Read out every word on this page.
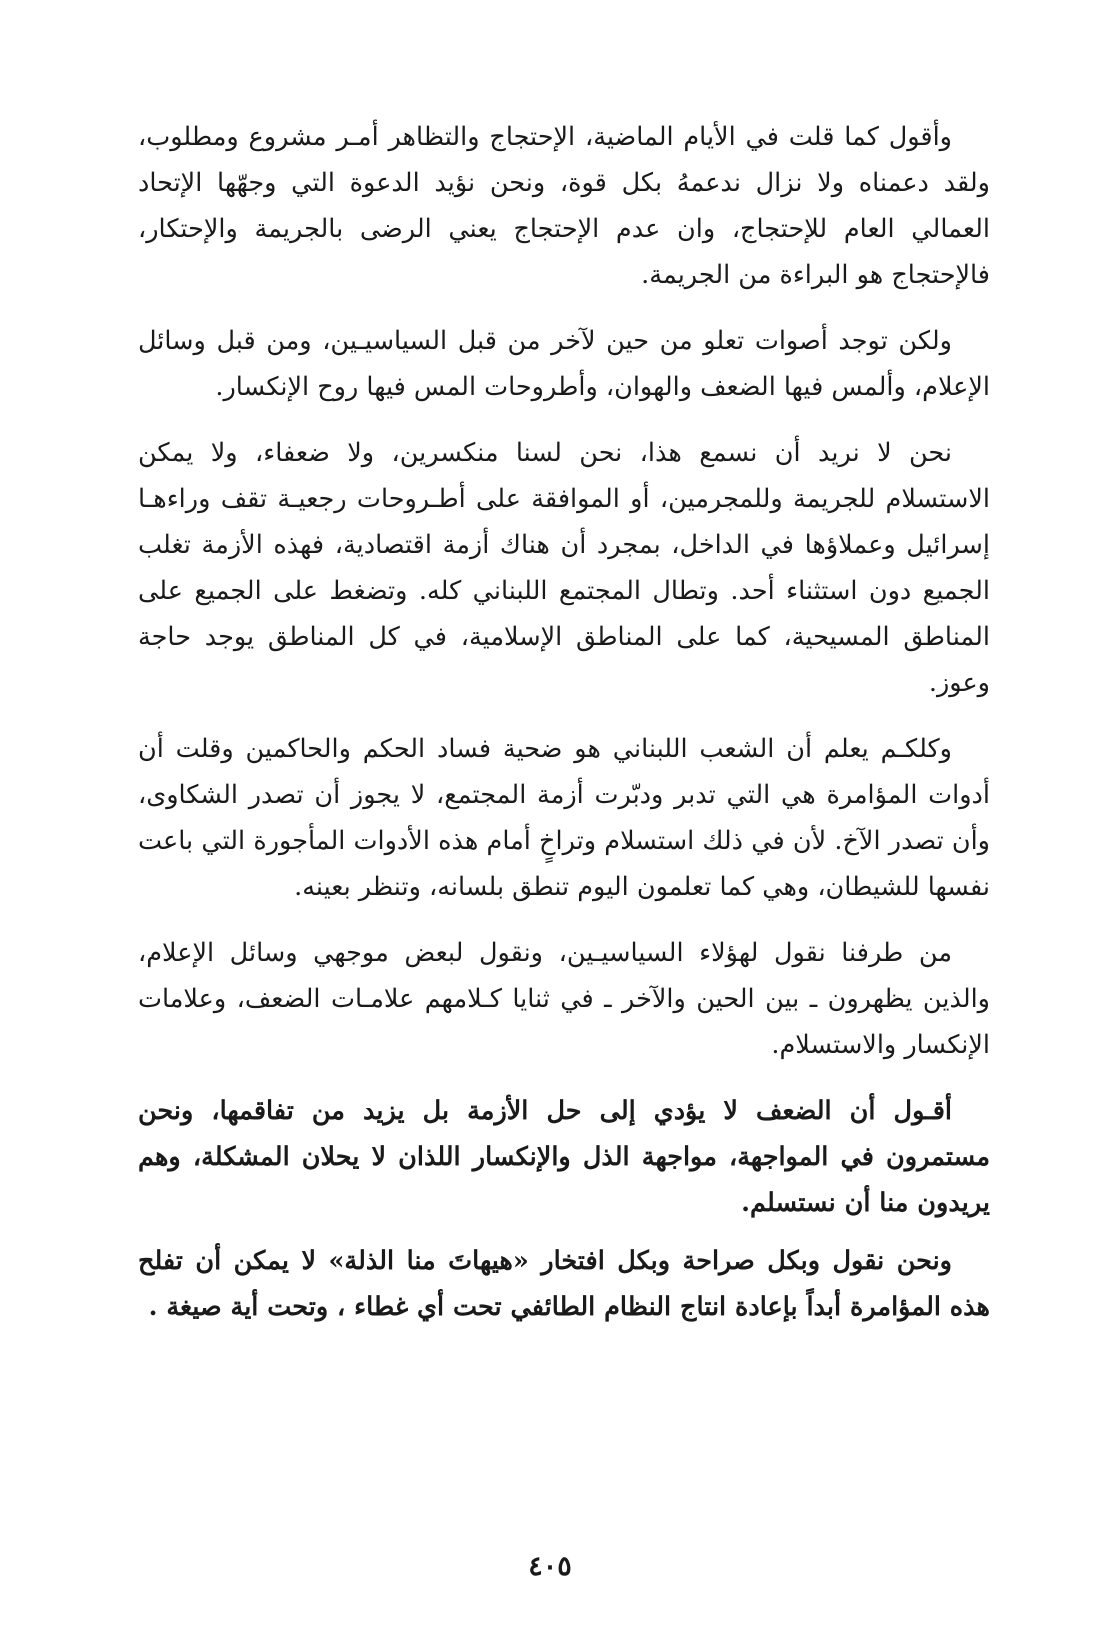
وأقول كما قلت في الأيام الماضية، الإحتجاج والتظاهر أمـر مشروع ومطلوب، ولقد دعمناه ولا نزال ندعمهُ بكل قوة، ونحن نؤيد الدعوة التي وجهّها الإتحاد العمالي العام للإحتجاج، وان عدم الإحتجاج يعني الرضى بالجريمة والإحتكار، فالإحتجاج هو البراءة من الجريمة.

ولكن توجد أصوات تعلو من حين لآخر من قبل السياسيـين، ومن قبل وسائل الإعلام، وألمس فيها الضعف والهوان، وأطروحات المس فيها روح الإنكسار.

نحن لا نريد أن نسمع هذا، نحن لسنا منكسرين، ولا ضعفاء، ولا يمكن الاستسلام للجريمة وللمجرمين، أو الموافقة على أطـروحات رجعيـة تقف وراءهـا إسرائيل وعملاؤها في الداخل، بمجرد أن هناك أزمة اقتصادية، فهذه الأزمة تغلب الجميع دون استثناء أحد. وتطال المجتمع اللبناني كله. وتضغط على الجميع على المناطق المسيحية، كما على المناطق الإسلامية، في كل المناطق يوجد حاجة وعوز.

وكلكـم يعلم أن الشعب اللبناني هو ضحية فساد الحكم والحاكمين وقلت أن أدوات المؤامرة هي التي تدبر ودبّرت أزمة المجتمع، لا يجوز أن تصدر الشكاوى، وأن تصدر الآخ. لأن في ذلك استسلام وتراخٍ أمام هذه الأدوات المأجورة التي باعت نفسها للشيطان، وهي كما تعلمون اليوم تنطق بلسانه، وتنظر بعينه.

من طرفنا نقول لهؤلاء السياسيـين، ونقول لبعض موجهي وسائل الإعلام، والذين يظهرون ـ بين الحين والآخر ـ في ثنايا كـلامهم علامـات الضعف، وعلامات الإنكسار والاستسلام.

أقـول أن الضعف لا يؤدي إلى حل الأزمة بل يزيد من تفاقمها، ونحن مستمرون في المواجهة، مواجهة الذل والإنكسار اللذان لا يحلان المشكلة، وهم يريدون منا أن نستسلم.

ونحن نقول وبكل صراحة وبكل افتخار «هيهاتَ منا الذلة» لا يمكن أن تفلح هذه المؤامرة أبداً بإعادة انتاج النظام الطائفي تحت أي غطاء ، وتحت أية صيغة .

٤٠٥
